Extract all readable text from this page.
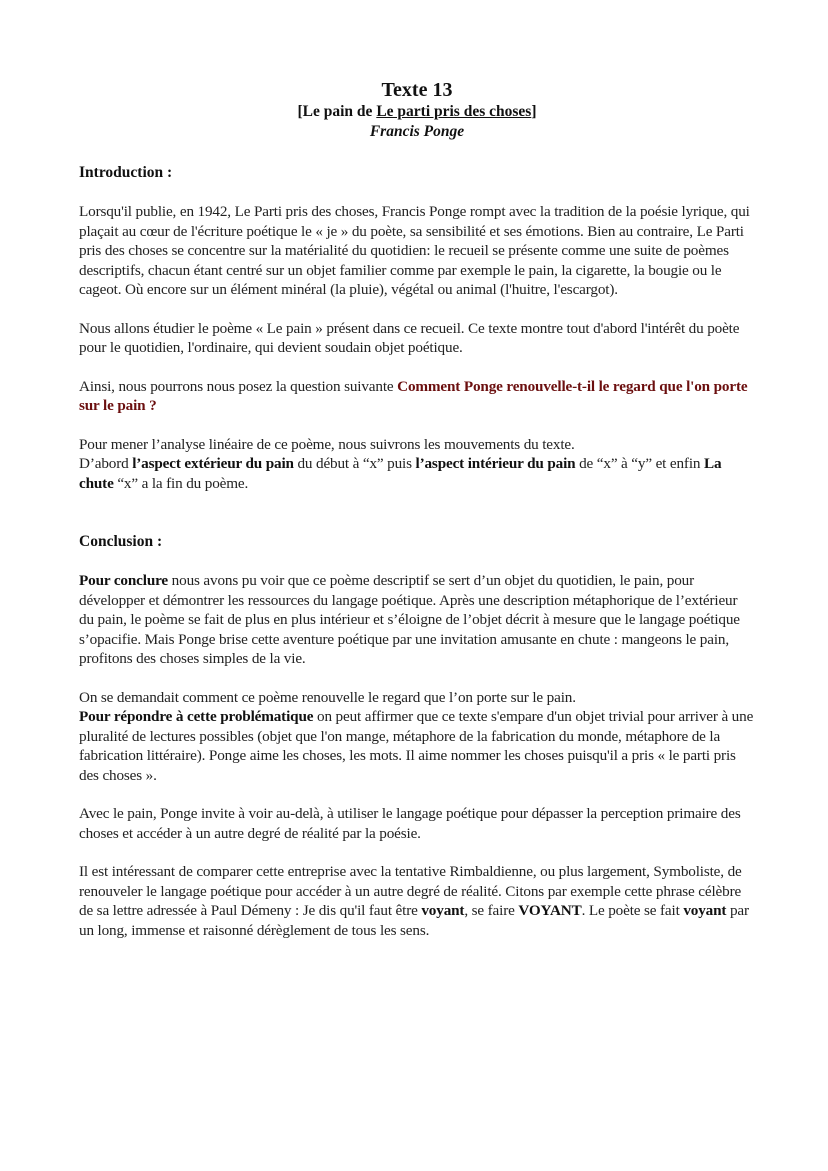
Texte 13
[Le pain de Le parti pris des choses]
Francis Ponge
Introduction :

Lorsqu'il publie, en 1942, Le Parti pris des choses, Francis Ponge rompt avec la tradition de la poésie lyrique, qui plaçait au cœur de l'écriture poétique le « je » du poète, sa sensibilité et ses émotions. Bien au contraire, Le Parti pris des choses se concentre sur la matérialité du quotidien: le recueil se présente comme une suite de poèmes descriptifs, chacun étant centré sur un objet familier comme par exemple le pain, la cigarette, la bougie ou le cageot. Où encore sur un élément minéral (la pluie), végétal ou animal (l'huitre, l'escargot).

Nous allons étudier le poème « Le pain » présent dans ce recueil. Ce texte montre tout d'abord l'intérêt du poète pour le quotidien, l'ordinaire, qui devient soudain objet poétique.

Ainsi, nous pourrons nous posez la question suivante Comment Ponge renouvelle-t-il le regard que l'on porte sur le pain ?

Pour mener l’analyse linéaire de ce poème, nous suivrons les mouvements du texte.
D’abord l’aspect extérieur du pain du début à “x” puis l’aspect intérieur du pain de “x” à “y” et enfin La chute “x” a la fin du poème.

Conclusion :

Pour conclure nous avons pu voir que ce poème descriptif se sert d’un objet du quotidien, le pain, pour développer et démontrer les ressources du langage poétique. Après une description métaphorique de l’extérieur du pain, le poème se fait de plus en plus intérieur et s’éloigne de l’objet décrit à mesure que le langage poétique s’opacifie. Mais Ponge brise cette aventure poétique par une invitation amusante en chute : mangeons le pain, profitons des choses simples de la vie.

On se demandait comment ce poème renouvelle le regard que l’on porte sur le pain.
Pour répondre à cette problématique on peut affirmer que ce texte s'empare d'un objet trivial pour arriver à une pluralité de lectures possibles (objet que l'on mange, métaphore de la fabrication du monde, métaphore de la fabrication littéraire). Ponge aime les choses, les mots. Il aime nommer les choses puisqu'il a pris « le parti pris des choses ».

Avec le pain, Ponge invite à voir au-delà, à utiliser le langage poétique pour dépasser la perception primaire des choses et accéder à un autre degré de réalité par la poésie.

Il est intéressant de comparer cette entreprise avec la tentative Rimbaldienne, ou plus largement, Symboliste, de renouveler le langage poétique pour accéder à un autre degré de réalité. Citons par exemple cette phrase célèbre de sa lettre adressée à Paul Démeny : Je dis qu'il faut être voyant, se faire VOYANT. Le poète se fait voyant par un long, immense et raisonné dérèglement de tous les sens.
